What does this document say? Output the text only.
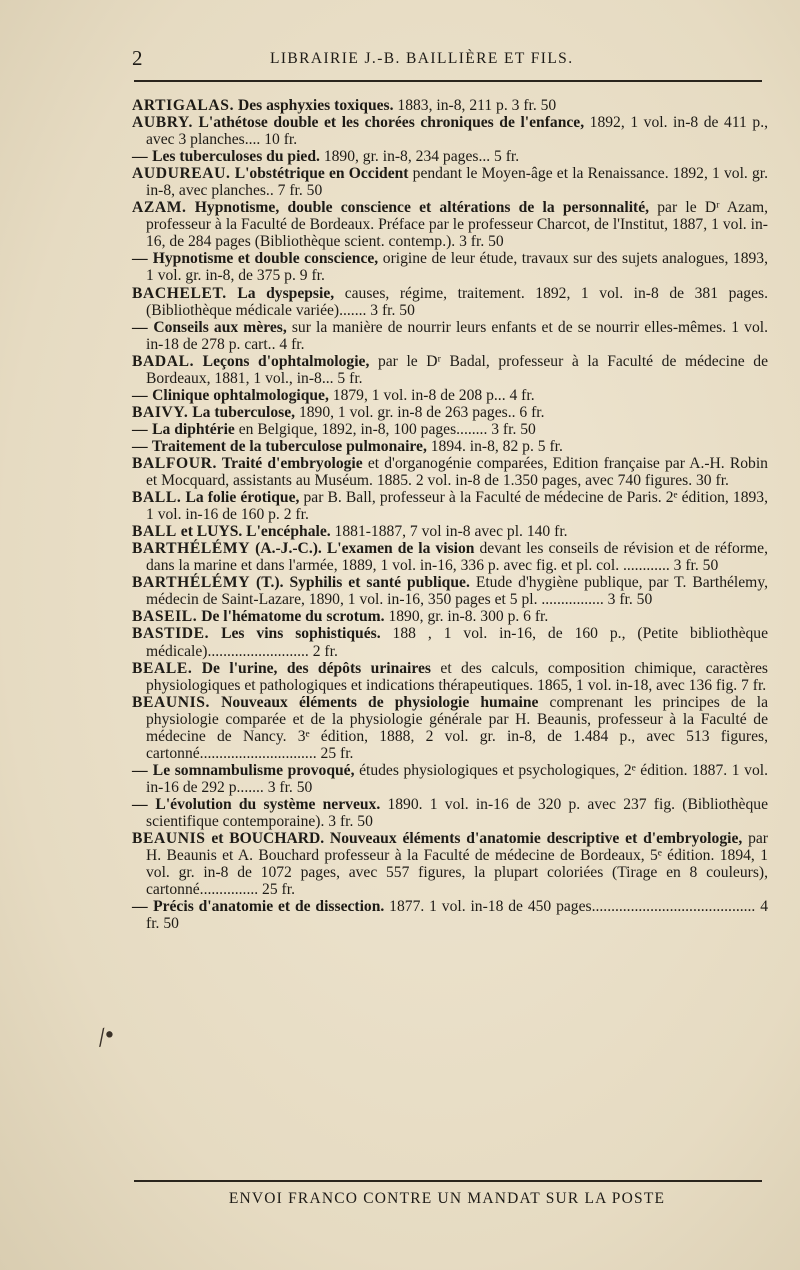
2	LIBRAIRIE J.-B. BAILLIÈRE ET FILS.

ARTIGALAS. Des asphyxies toxiques. 1883, in-8, 211 p. 3 fr. 50

AUBRY. L'athétose double et les chorées chroniques de l'enfance, 1892, 1 vol. in-8 de 411 p., avec 3 planches.... 10 fr.

— Les tuberculoses du pied. 1890, gr. in-8, 234 pages... 5 fr.

AUDUREAU. L'obstétrique en Occident pendant le Moyen-âge et la Renaissance. 1892, 1 vol. gr. in-8, avec planches.. 7 fr. 50

AZAM. Hypnotisme, double conscience et altérations de la personnalité, par le Dʳ Azam, professeur à la Faculté de Bordeaux. Préface par le professeur Charcot, de l'Institut, 1887, 1 vol. in-16, de 284 pages (Bibliothèque scient. contemp.). 3 fr. 50

— Hypnotisme et double conscience, origine de leur étude, travaux sur des sujets analogues, 1893, 1 vol. gr. in-8, de 375 p. 9 fr.

BACHELET. La dyspepsie, causes, régime, traitement. 1892, 1 vol. in-8 de 381 pages. (Bibliothèque médicale variée)....... 3 fr. 50

— Conseils aux mères, sur la manière de nourrir leurs enfants et de se nourrir elles-mêmes. 1 vol. in-18 de 278 p. cart.. 4 fr.

BADAL. Leçons d'ophtalmologie, par le Dʳ Badal, professeur à la Faculté de médecine de Bordeaux, 1881, 1 vol., in-8... 5 fr.

— Clinique ophtalmologique, 1879, 1 vol. in-8 de 208 p... 4 fr.

BAIVY. La tuberculose, 1890, 1 vol. gr. in-8 de 263 pages.. 6 fr.

— La diphtérie en Belgique, 1892, in-8, 100 pages........ 3 fr. 50

— Traitement de la tuberculose pulmonaire, 1894. in-8, 82 p. 5 fr.

BALFOUR. Traité d'embryologie et d'organogénie comparées, Edition française par A.-H. Robin et Mocquard, assistants au Muséum. 1885. 2 vol. in-8 de 1.350 pages, avec 740 figures. 30 fr.

BALL. La folie érotique, par B. Ball, professeur à la Faculté de médecine de Paris. 2ᵉ édition, 1893, 1 vol. in-16 de 160 p. 2 fr.

BALL et LUYS. L'encéphale. 1881-1887, 7 vol in-8 avec pl. 140 fr.

BARTHÉLÉMY (A.-J.-C.). L'examen de la vision devant les conseils de révision et de réforme, dans la marine et dans l'armée, 1889, 1 vol. in-16, 336 p. avec fig. et pl. col. ............ 3 fr. 50

BARTHÉLÉMY (T.). Syphilis et santé publique. Etude d'hygiène publique, par T. Barthélemy, médecin de Saint-Lazare, 1890, 1 vol. in-16, 350 pages et 5 pl. ................ 3 fr. 50

BASEIL. De l'hématome du scrotum. 1890, gr. in-8. 300 p. 6 fr.

BASTIDE. Les vins sophistiqués. 188 , 1 vol. in-16, de 160 p., (Petite bibliothèque médicale).......................... 2 fr.

BEALE. De l'urine, des dépôts urinaires et des calculs, composition chimique, caractères physiologiques et pathologiques et indications thérapeutiques. 1865, 1 vol. in-18, avec 136 fig. 7 fr.

BEAUNIS. Nouveaux éléments de physiologie humaine comprenant les principes de la physiologie comparée et de la physiologie générale par H. Beaunis, professeur à la Faculté de médecine de Nancy. 3ᵉ édition, 1888, 2 vol. gr. in-8, de 1.484 p., avec 513 figures, cartonné.............................. 25 fr.

— Le somnambulisme provoqué, études physiologiques et psychologiques, 2ᵉ édition. 1887. 1 vol. in-16 de 292 p....... 3 fr. 50

— L'évolution du système nerveux. 1890. 1 vol. in-16 de 320 p. avec 237 fig. (Bibliothèque scientifique contemporaine). 3 fr. 50

BEAUNIS et BOUCHARD. Nouveaux éléments d'anatomie descriptive et d'embryologie, par H. Beaunis et A. Bouchard professeur à la Faculté de médecine de Bordeaux, 5ᵉ édition. 1894, 1 vol. gr. in-8 de 1072 pages, avec 557 figures, la plupart coloriées (Tirage en 8 couleurs), cartonné............... 25 fr.

— Précis d'anatomie et de dissection. 1877. 1 vol. in-18 de 450 pages.......................................... 4 fr. 50

⁄•
ENVOI FRANCO CONTRE UN MANDAT SUR LA POSTE
